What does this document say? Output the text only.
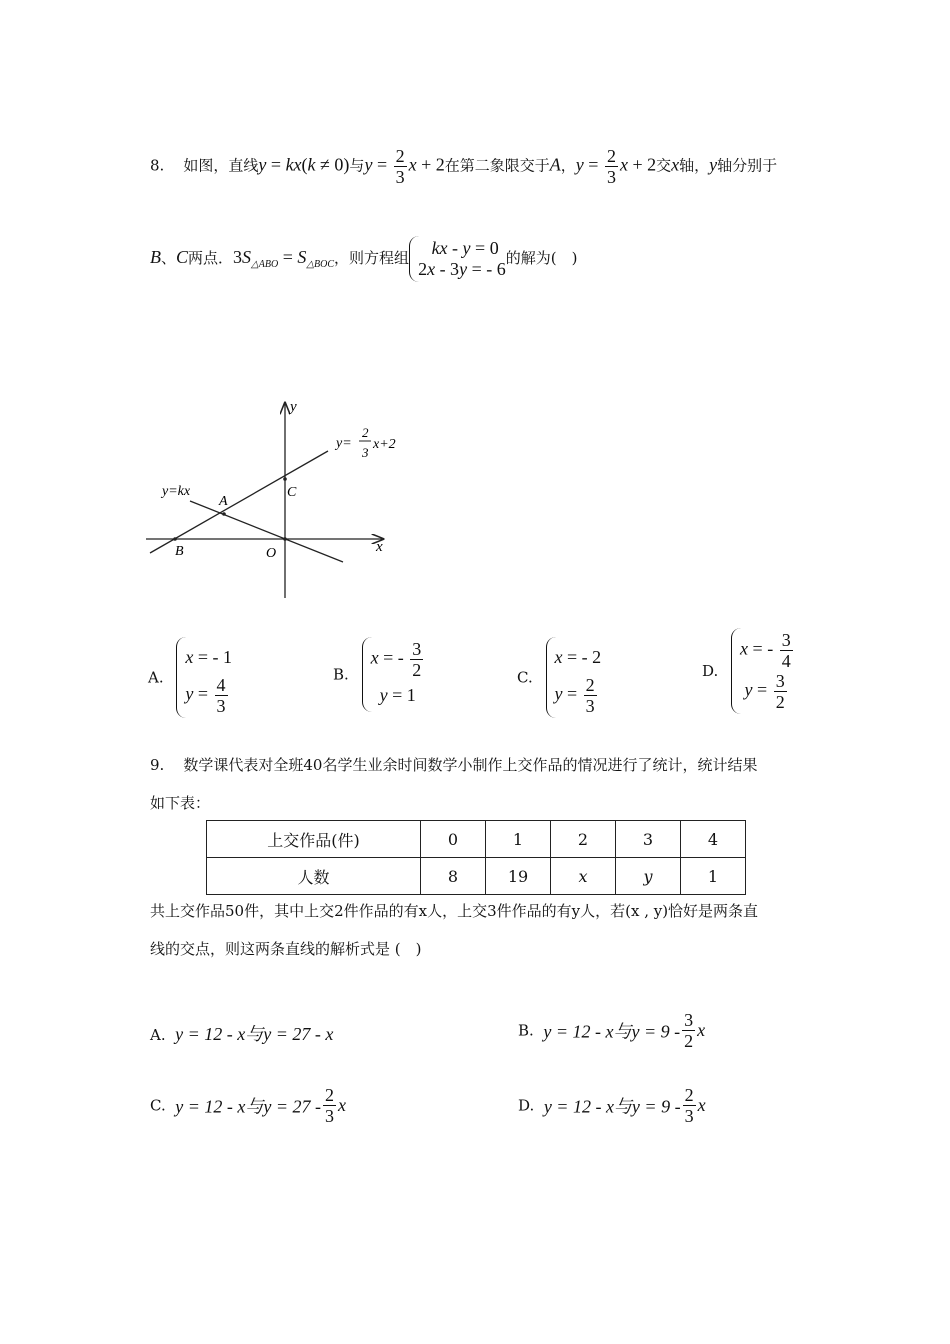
8. 如图，直线y = kx(k ≠ 0)与$y = \frac{2}{3}$ x + 2在第二象限交于A，$y = \frac{2}{3}$ x + 2交x轴，y轴分别于
B、C两点．$3S_{\triangle ABO} = S_{\triangle BOC}$，则方程组	kx - y = 0
2x - 3y = - 6
的解为(　)
y
x
y=kx
y=
2
3
x+2
A
B
C
O
A.
x = - 1
$y = \frac{4}{3}$
B.
x = - $\frac{3}{2}$
y = 1
C.
x = - 2
$y = \frac{2}{3}$
D.
x = - $\frac{3}{4}$
$y = \frac{3}{2}$
9. 数学课代表对全班40名学生业余时间数学小制作上交作品的情况进行了统计，统计结果
如下表：
上交作品(件)	0	1	2	3	4
人数	8	19	x	y	1
共上交作品50件，其中上交2件作品的有x人，上交3件作品的有y人，若(x , y)恰好是两条直
线的交点，则这两条直线的解析式是 (　)
A. y = 12 - x与y = 27 - x	B. y = 12 - x与$y = 9 - \frac{3}{2}$ x
C. y = 12 - x与$y = 27 - \frac{2}{3}$ x	D. y = 12 - x与$y = 9 - \frac{2}{3}$ x
